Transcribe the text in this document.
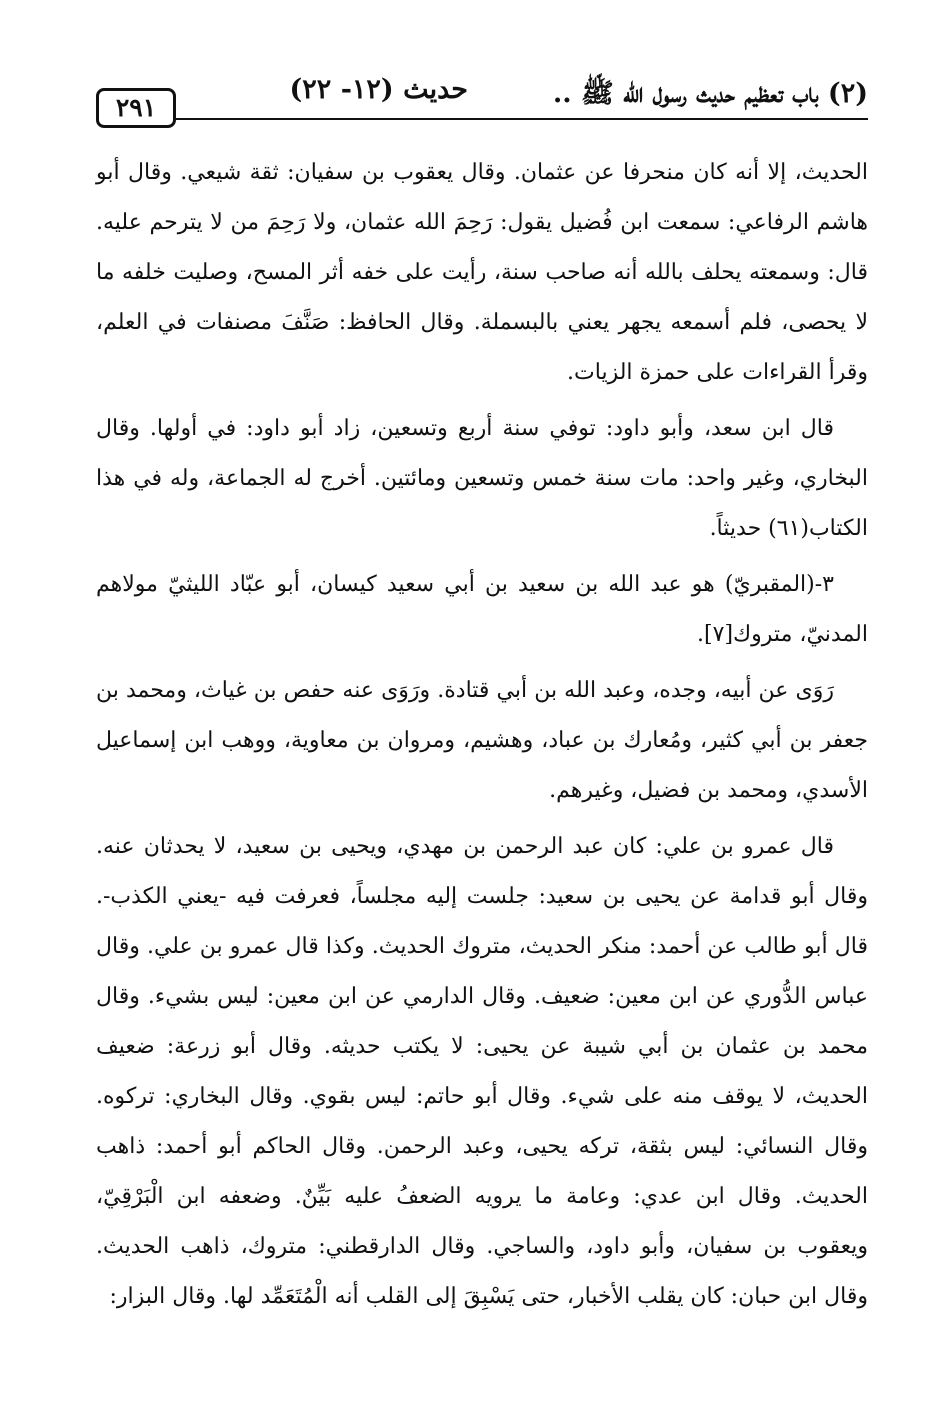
(٢) باب تعظيم حديث رسول الله ﷺ ..
حديث (١٢- ٢٢)
٢٩١

الحديث، إلا أنه كان منحرفا عن عثمان. وقال يعقوب بن سفيان: ثقة شيعي. وقال أبو هاشم الرفاعي: سمعت ابن فُضيل يقول: رَحِمَ الله عثمان، ولا رَحِمَ من لا يترحم عليه. قال: وسمعته يحلف بالله أنه صاحب سنة، رأيت على خفه أثر المسح، وصليت خلفه ما لا يحصى، فلم أسمعه يجهر يعني بالبسملة. وقال الحافظ: صَنَّفَ مصنفات في العلم، وقرأ القراءات على حمزة الزيات.

قال ابن سعد، وأبو داود: توفي سنة أربع وتسعين، زاد أبو داود: في أولها. وقال البخاري، وغير واحد: مات سنة خمس وتسعين ومائتين. أخرج له الجماعة، وله في هذا الكتاب(٦١) حديثاً.

٣-(المقبريّ) هو عبد الله بن سعيد بن أبي سعيد كيسان، أبو عبّاد الليثيّ مولاهم المدنيّ، متروك[٧].

رَوَى عن أبيه، وجده، وعبد الله بن أبي قتادة. ورَوَى عنه حفص بن غياث، ومحمد بن جعفر بن أبي كثير، ومُعارك بن عباد، وهشيم، ومروان بن معاوية، ووهب ابن إسماعيل الأسدي، ومحمد بن فضيل، وغيرهم.

قال عمرو بن علي: كان عبد الرحمن بن مهدي، ويحيى بن سعيد، لا يحدثان عنه. وقال أبو قدامة عن يحيى بن سعيد: جلست إليه مجلساً، فعرفت فيه -يعني الكذب-. قال أبو طالب عن أحمد: منكر الحديث، متروك الحديث. وكذا قال عمرو بن علي. وقال عباس الدُّوري عن ابن معين: ضعيف. وقال الدارمي عن ابن معين: ليس بشيء. وقال محمد بن عثمان بن أبي شيبة عن يحيى: لا يكتب حديثه. وقال أبو زرعة: ضعيف الحديث، لا يوقف منه على شيء. وقال أبو حاتم: ليس بقوي. وقال البخاري: تركوه. وقال النسائي: ليس بثقة، تركه يحيى، وعبد الرحمن. وقال الحاكم أبو أحمد: ذاهب الحديث. وقال ابن عدي: وعامة ما يرويه الضعفُ عليه بَيِّنٌ. وضعفه ابن الْبَرْقِيّ، ويعقوب بن سفيان، وأبو داود، والساجي. وقال الدارقطني: متروك، ذاهب الحديث. وقال ابن حبان: كان يقلب الأخبار، حتى يَسْبِقَ إلى القلب أنه الْمُتَعَمِّد لها. وقال البزار:
